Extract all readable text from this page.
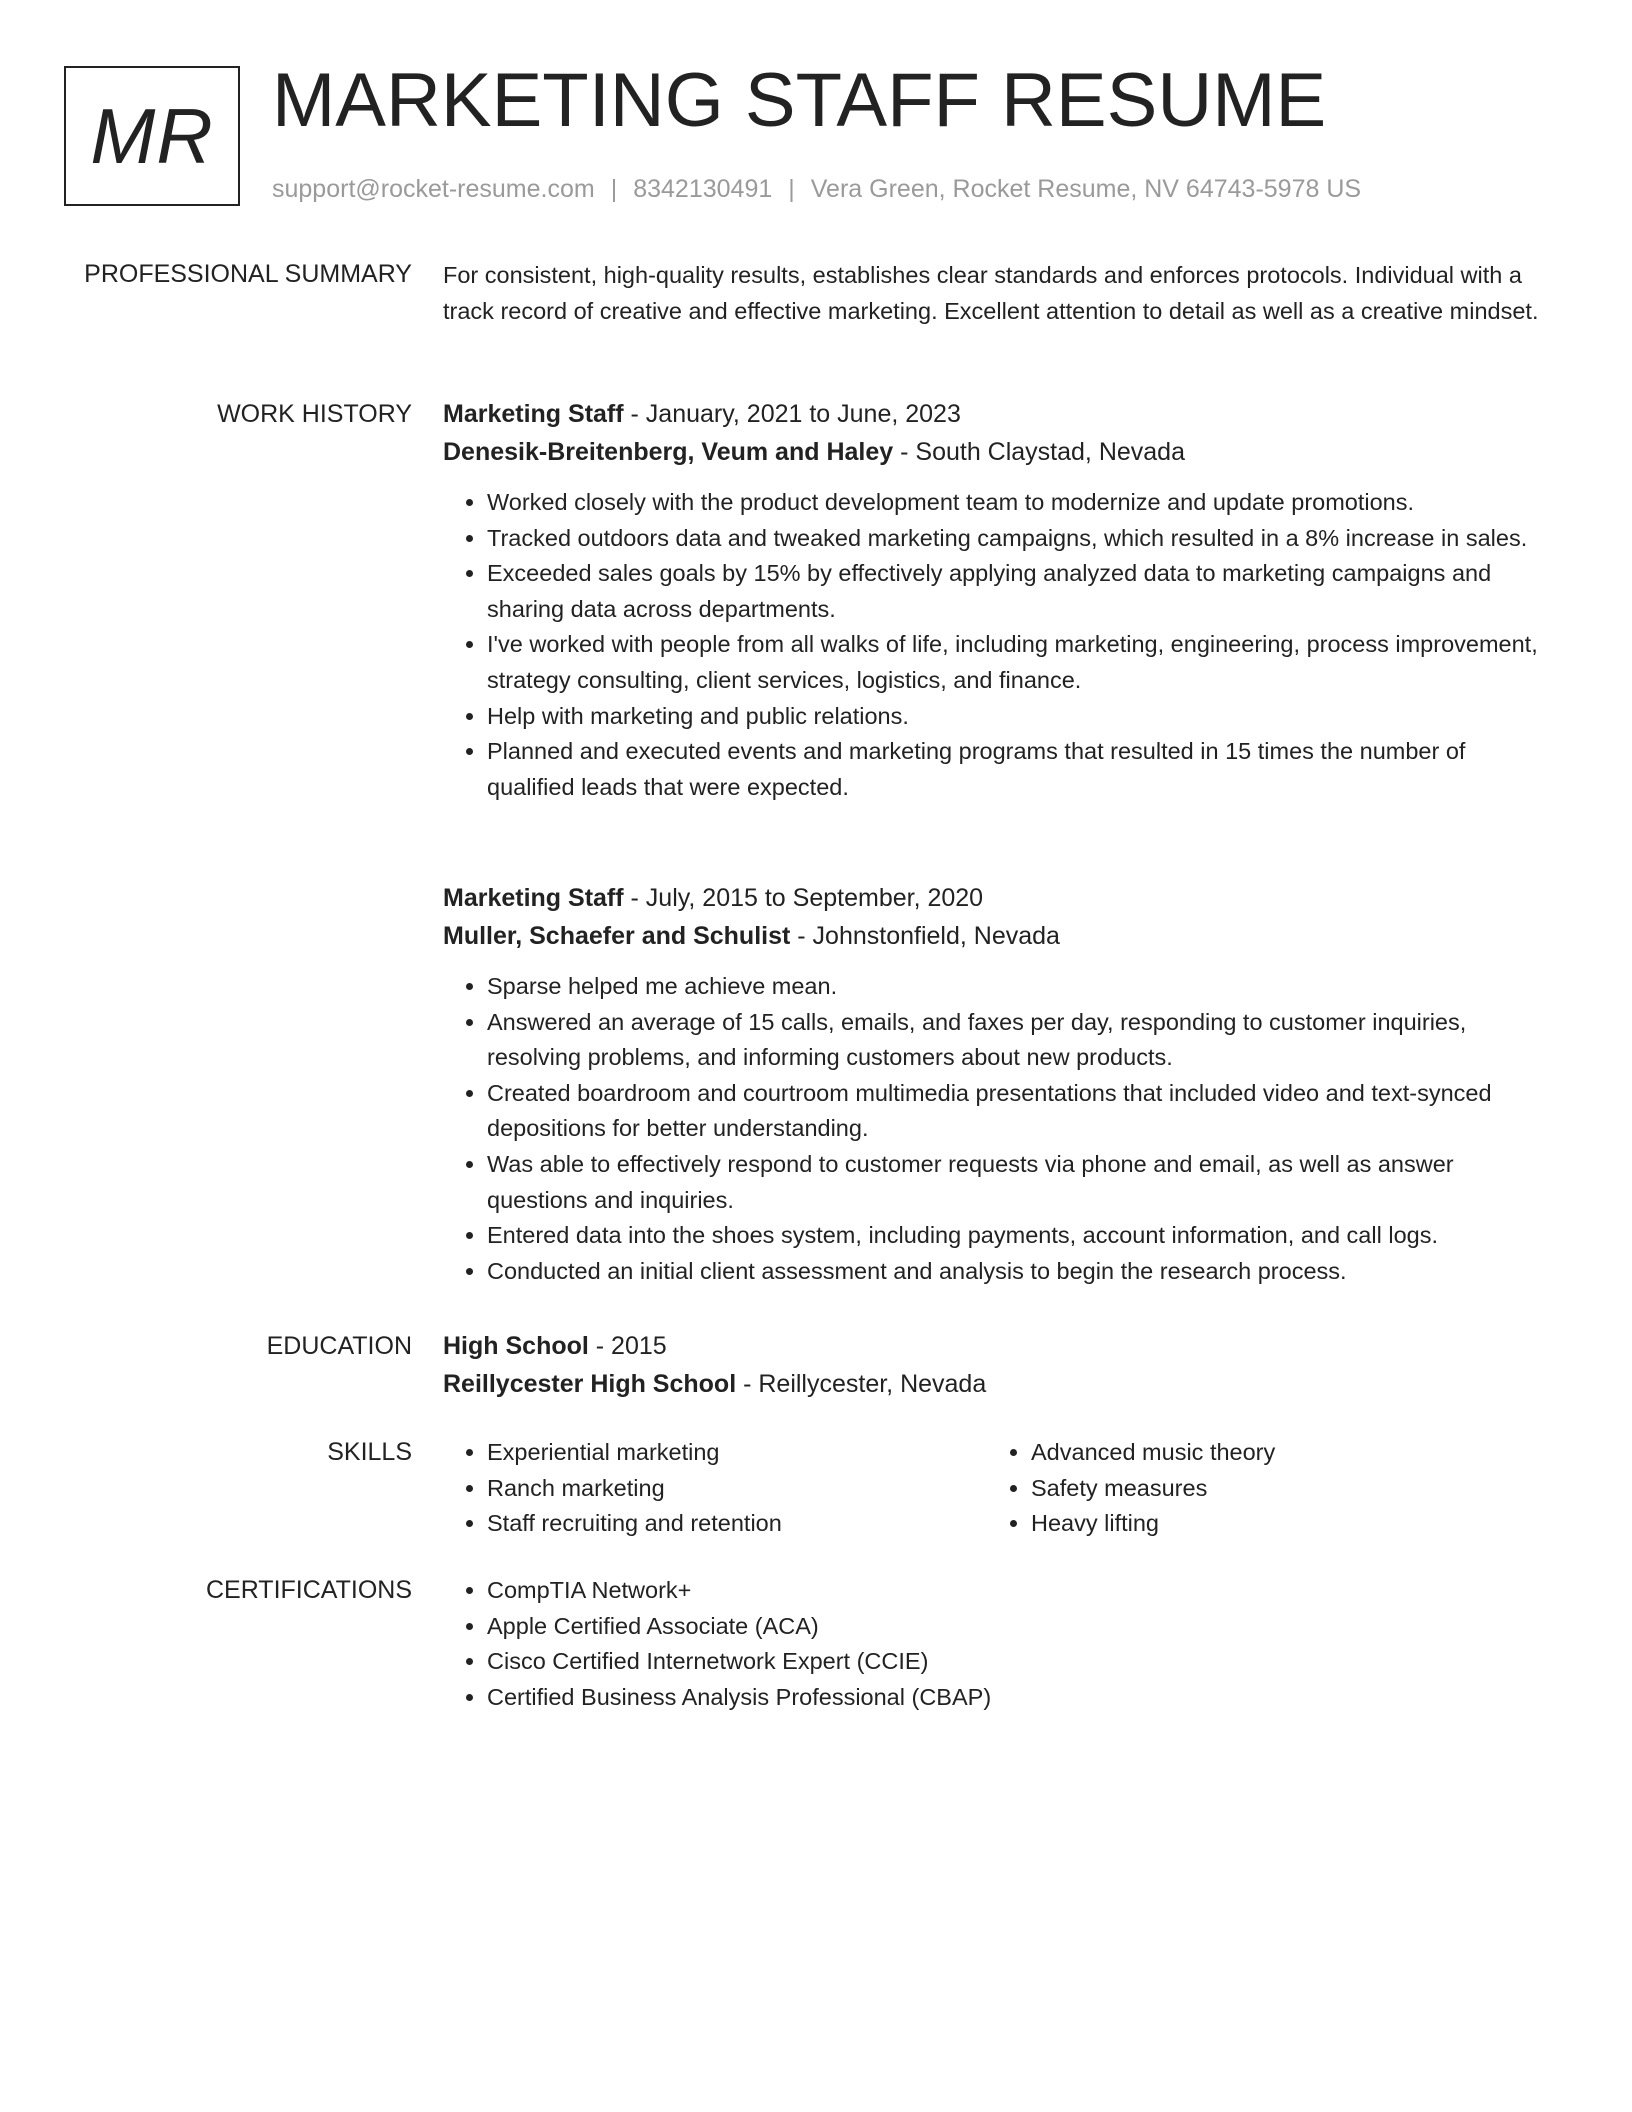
MR MARKETING STAFF RESUME
support@rocket-resume.com | 8342130491 | Vera Green, Rocket Resume, NV 64743-5978 US
PROFESSIONAL SUMMARY For consistent, high-quality results, establishes clear standards and enforces protocols. Individual with a track record of creative and effective marketing. Excellent attention to detail as well as a creative mindset.
WORK HISTORY Marketing Staff - January, 2021 to June, 2023
Denesik-Breitenberg, Veum and Haley - South Claystad, Nevada
• Worked closely with the product development team to modernize and update promotions.
• Tracked outdoors data and tweaked marketing campaigns, which resulted in a 8% increase in sales.
• Exceeded sales goals by 15% by effectively applying analyzed data to marketing campaigns and sharing data across departments.
• I've worked with people from all walks of life, including marketing, engineering, process improvement, strategy consulting, client services, logistics, and finance.
• Help with marketing and public relations.
• Planned and executed events and marketing programs that resulted in 15 times the number of qualified leads that were expected.
Marketing Staff - July, 2015 to September, 2020
Muller, Schaefer and Schulist - Johnstonfield, Nevada
• Sparse helped me achieve mean.
• Answered an average of 15 calls, emails, and faxes per day, responding to customer inquiries, resolving problems, and informing customers about new products.
• Created boardroom and courtroom multimedia presentations that included video and text-synced depositions for better understanding.
• Was able to effectively respond to customer requests via phone and email, as well as answer questions and inquiries.
• Entered data into the shoes system, including payments, account information, and call logs.
• Conducted an initial client assessment and analysis to begin the research process.
EDUCATION High School - 2015
Reillycester High School - Reillycester, Nevada
SKILLS	• Experiential marketing
• Ranch marketing
• Staff recruiting and retention
• Advanced music theory
• Safety measures
• Heavy lifting
CERTIFICATIONS	• CompTIA Network+
• Apple Certified Associate (ACA)
• Cisco Certified Internetwork Expert (CCIE)
• Certified Business Analysis Professional (CBAP)
